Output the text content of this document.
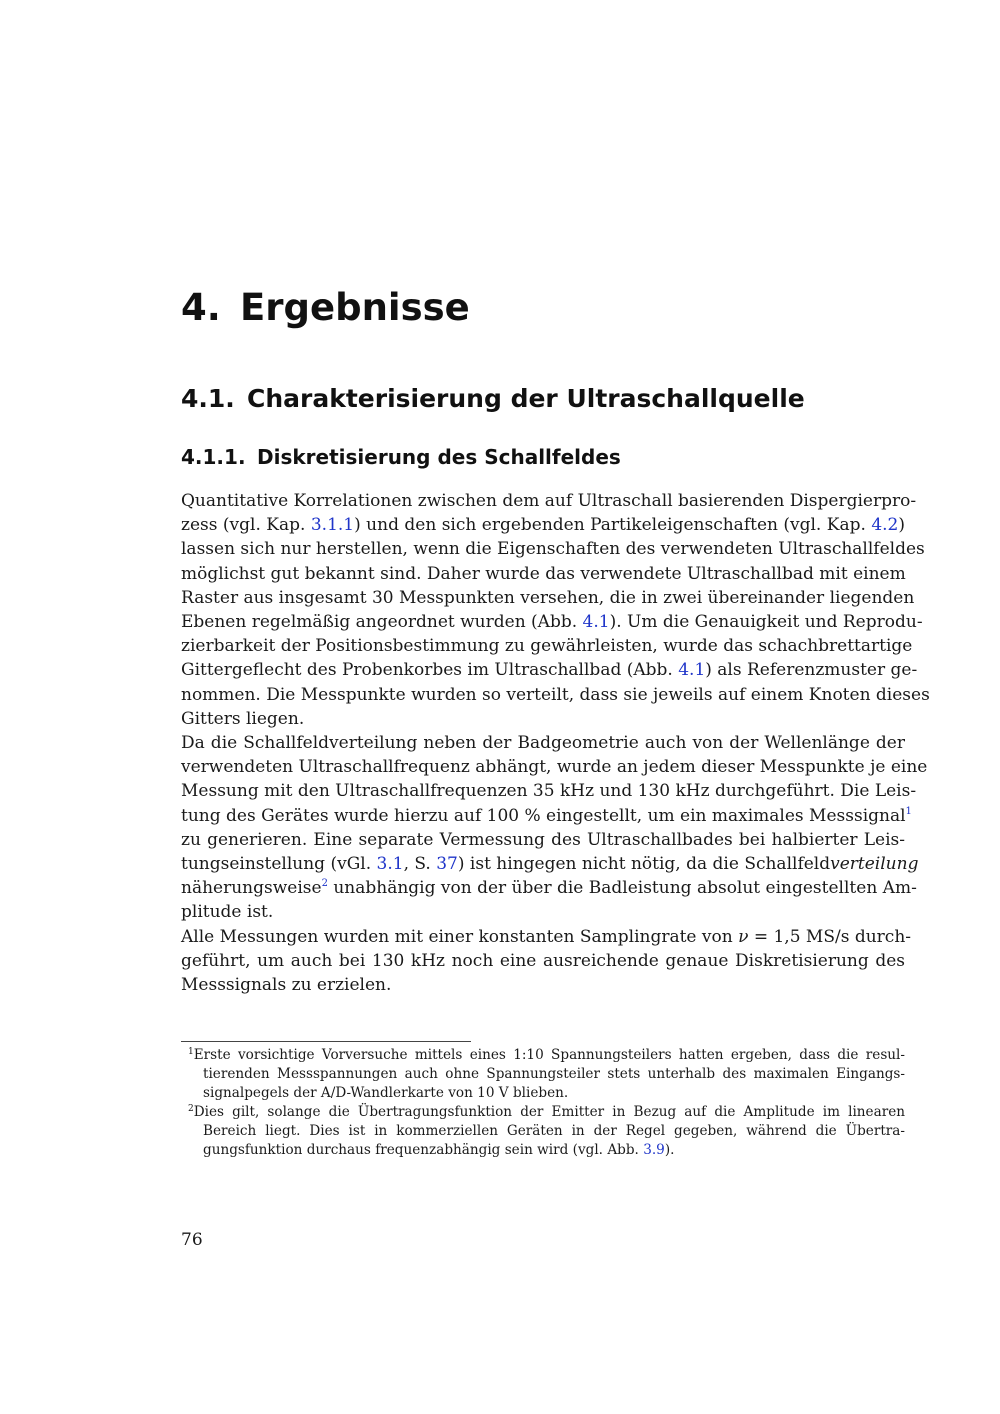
4. Ergebnisse
4.1. Charakterisierung der Ultraschallquelle
4.1.1. Diskretisierung des Schallfeldes
Quantitative Korrelationen zwischen dem auf Ultraschall basierenden Dispergierpro-
zess (vgl. Kap. 3.1.1) und den sich ergebenden Partikeleigenschaften (vgl. Kap. 4.2)
lassen sich nur herstellen, wenn die Eigenschaften des verwendeten Ultraschallfeldes
möglichst gut bekannt sind. Daher wurde das verwendete Ultraschallbad mit einem
Raster aus insgesamt 30 Messpunkten versehen, die in zwei übereinander liegenden
Ebenen regelmäßig angeordnet wurden (Abb. 4.1). Um die Genauigkeit und Reprodu-
zierbarkeit der Positionsbestimmung zu gewährleisten, wurde das schachbrettartige
Gittergeflecht des Probenkorbes im Ultraschallbad (Abb. 4.1) als Referenzmuster ge-
nommen. Die Messpunkte wurden so verteilt, dass sie jeweils auf einem Knoten dieses
Gitters liegen.
Da die Schallfeldverteilung neben der Badgeometrie auch von der Wellenlänge der
verwendeten Ultraschallfrequenz abhängt, wurde an jedem dieser Messpunkte je eine
Messung mit den Ultraschallfrequenzen 35 kHz und 130 kHz durchgeführt. Die Leis-
tung des Gerätes wurde hierzu auf 100 % eingestellt, um ein maximales Messsignal$^1$
zu generieren. Eine separate Vermessung des Ultraschallbades bei halbierter Leis-
tungseinstellung (vGl. 3.1, S. 37) ist hingegen nicht nötig, da die Schallfeldverteilung
näherungsweise$^2$ unabhängig von der über die Badleistung absolut eingestellten Am-
plitude ist.
Alle Messungen wurden mit einer konstanten Samplingrate von ν = 1,5 MS/s durch-
geführt, um auch bei 130 kHz noch eine ausreichende genaue Diskretisierung des
Messsignals zu erzielen.
$^1$Erste vorsichtige Vorversuche mittels eines 1:10 Spannungsteilers hatten ergeben, dass die resul-
tierenden Messspannungen auch ohne Spannungsteiler stets unterhalb des maximalen Eingangs-
signalpegels der A/D-Wandlerkarte von 10 V blieben.
$^2$Dies gilt, solange die Übertragungsfunktion der Emitter in Bezug auf die Amplitude im linearen
Bereich liegt. Dies ist in kommerziellen Geräten in der Regel gegeben, während die Übertra-
gungsfunktion durchaus frequenzabhängig sein wird (vgl. Abb. 3.9).
76
